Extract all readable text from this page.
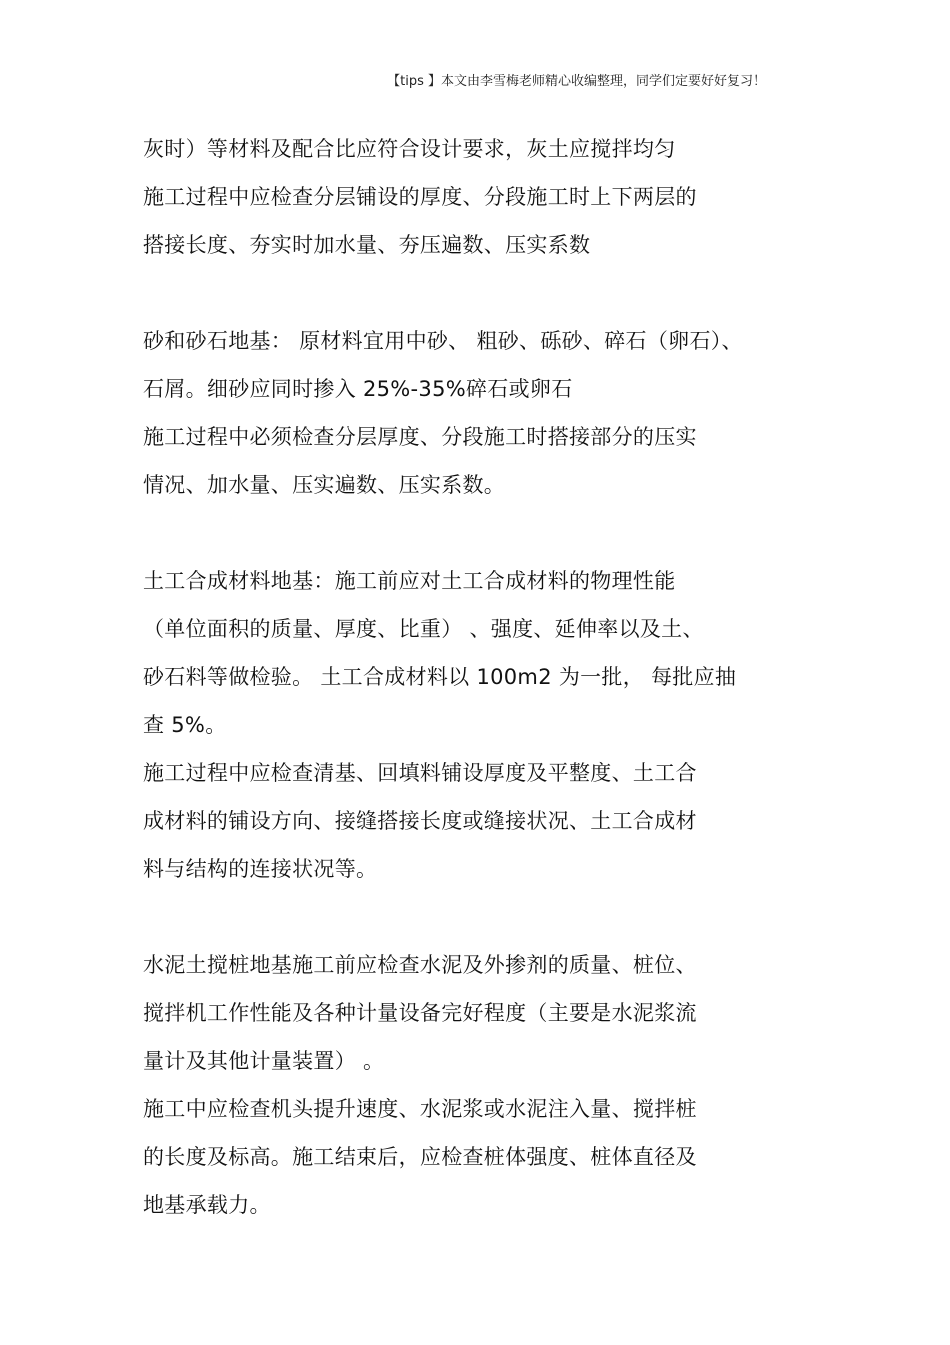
【tips 】本文由李雪梅老师精心收编整理，同学们定要好好复习！
灰时）等材料及配合比应符合设计要求，灰土应搅拌均匀
施工过程中应检查分层铺设的厚度、分段施工时上下两层的
搭接长度、夯实时加水量、夯压遍数、压实系数
砂和砂石地基： 原材料宜用中砂、 粗砂、砾砂、碎石（卵石）、
石屑。细砂应同时掺入 25%-35%碎石或卵石
施工过程中必须检查分层厚度、分段施工时搭接部分的压实
情况、加水量、压实遍数、压实系数。
土工合成材料地基：施工前应对土工合成材料的物理性能
（单位面积的质量、厚度、比重） 、强度、延伸率以及土、
砂石料等做检验。 土工合成材料以 100m2 为一批， 每批应抽
查 5%。
施工过程中应检查清基、回填料铺设厚度及平整度、土工合
成材料的铺设方向、接缝搭接长度或缝接状况、土工合成材
料与结构的连接状况等。
水泥土搅桩地基施工前应检查水泥及外掺剂的质量、桩位、
搅拌机工作性能及各种计量设备完好程度（主要是水泥浆流
量计及其他计量装置） 。
施工中应检查机头提升速度、水泥浆或水泥注入量、搅拌桩
的长度及标高。施工结束后，应检查桩体强度、桩体直径及
地基承载力。
